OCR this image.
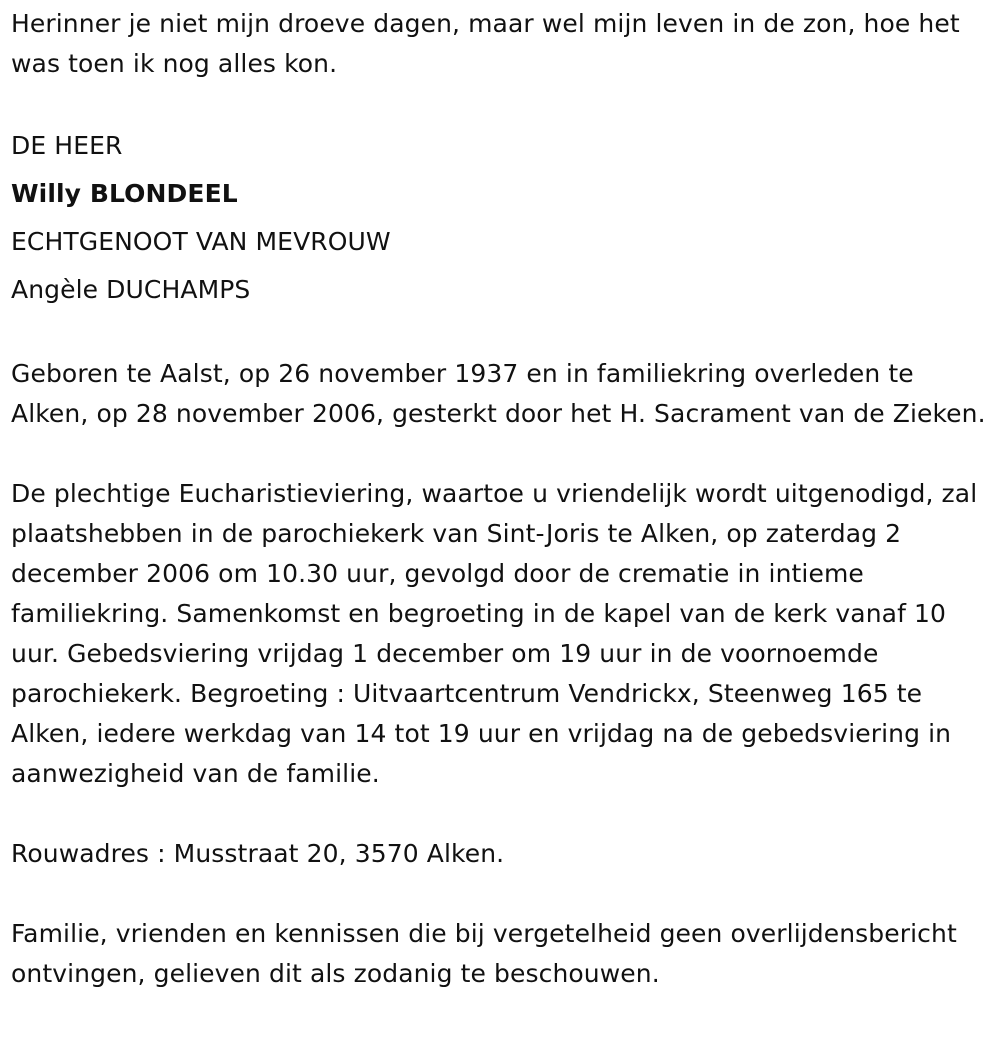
Herinner je niet mijn droeve dagen, maar wel mijn leven in de zon, hoe het was toen ik nog alles kon.

DE HEER

Willy BLONDEEL

ECHTGENOOT VAN MEVROUW

Angèle DUCHAMPS

Geboren te Aalst, op 26 november 1937 en in familiekring overleden te Alken, op 28 november 2006, gesterkt door het H. Sacrament van de Zieken.

De plechtige Eucharistieviering, waartoe u vriendelijk wordt uitgenodigd, zal plaatshebben in de parochiekerk van Sint-Joris te Alken, op zaterdag 2 december 2006 om 10.30 uur, gevolgd door de crematie in intieme familiekring. Samenkomst en begroeting in de kapel van de kerk vanaf 10 uur. Gebedsviering vrijdag 1 december om 19 uur in de voornoemde parochiekerk. Begroeting : Uitvaartcentrum Vendrickx, Steenweg 165 te Alken, iedere werkdag van 14 tot 19 uur en vrijdag na de gebedsviering in aanwezigheid van de familie.

Rouwadres : Musstraat 20, 3570 Alken.

Familie, vrienden en kennissen die bij vergetelheid geen overlijdensbericht ontvingen, gelieven dit als zodanig te beschouwen.
